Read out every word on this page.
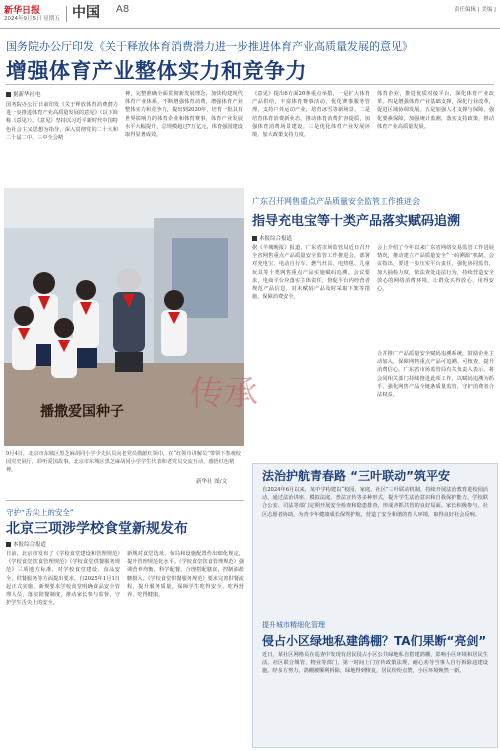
新华日报
2024年9月5日 星期五 中国 A8	责任编辑 | 美编 |
国务院办公厅印发《关于释放体育消费潜力进一步推进体育产业高质量发展的意见》
增强体育产业整体实力和竞争力
据新华社电
国务院办公厅日前印发《关于释放体育消费潜力进一步推进体育产业高质量发展的意见》（以下简称《意见》）。《意见》坚持以习近平新时代中国特色社会主义思想为指导，深入贯彻党的二十大和二十届二中、三中全会精
神，完整准确全面贯彻新发展理念，加快构建现代体育产业体系，不断增强体育消费，增强体育产业整体实力和竞争力，提出到2030年，培育一批具有世界影响力的体育企业和体育赛事，体育产业发展水平大幅提升，总规模超过7万亿元，体育强国建设取得显著成效。
《意见》提出6方面20条重点举措。一是扩大体育产品供给，丰富体育赛事活动，优化赛事服务管理，支持户外运动产业，培育冰雪等新场景。二是培育体育消费新业态，推动体育消费扩容提质，加强体育消费场景建设。三是优化体育产业发展环境，加大政策支持力度。
体育企业，推进优质对接平台，深化体育产业改革。四是增强体育产业基础支撑，深化行业改革，促进区域协调发展。五是加强人才支撑与保障，强化要素保障，加强统计监测，落实支持政策，推动体育产业高质量发展。
传承
播撒爱国种子
9月4日，北京市东城区黑芝麻胡同小学少先队员向老党员敬献红领巾，在“红领巾讲解员”带领下参观校园党史展厅，聆听爱国故事。北京市东城区黑芝麻胡同小学学生代表和老党员交流互动，感悟红色精神。
新华社 图/文
广东召开网售重点产品质量安全监管工作推进会
指导充电宝等十类产品落实赋码追溯
本报综合报道
据《羊城晚报》报道，广东省市场监管局近日召开全省网售重点产品质量安全监管工作推进会，部署对充电宝、电动自行车、燃气灶具、电热毯、儿童玩具等十类网售重点产品实施赋码追溯。会议要求，电商平台应落实主体责任，督促平台内经营者规范产品信息，对未赋码产品及时采取下架等措施，保障消费安全。
会上介绍了今年以来广东省网络交易监管工作进展情况，推动建立产品质量安全“一码溯源”机制。会议指出，要进一步压实平台责任，强化协同监管，加大抽检力度，依法查处违法行为，持续营造安全放心的网络消费环境，让群众买得放心、用得安心。
合并推广产品质量安全赋码追溯系统，鼓励企业主动加入，保障网售重点产品可追溯、可核查，提升消费信心。广东省市场监管局有关负责人表示，将会同相关部门持续推进此项工作，以赋码追溯为抓手，强化网售产品全链条质量监管，守护消费者合法权益。
守护“舌尖上的安全”
北京三项涉学校食堂新规发布
本报综合报道
日前，北京市发布了《学校食堂建设和管理规范》《学校食堂饮食管理规范》《学校食堂供餐服务规范》三项地方标准，对学校食堂建设、食品安全、供餐服务等方面提出要求，自2025年1月1日起正式实施。新规要求学校食堂明确食品安全管理人员，落实陪餐制度，推动家长参与监督，守护学生舌尖上的安全。
新规对食堂选址、布局和设施配置作出细化规定，提升管理规范化水平。《学校食堂饮食管理规范》强调营养均衡，科学配餐，合理搭配膳食，控制油盐糖摄入。《学校食堂供餐服务规范》要求完善供餐流程，提升服务质量，保障学生吃得安全、吃得营养、吃得健康。
法治护航青春路 “三叶联动”筑平安
自2024年6月以来，某中学构建以“校园、家庭、社区”三叶联动机制，持续开展法治教育进校园活动，通过法治讲座、模拟法庭、普法宣传等多种形式，提升学生法治意识和自我保护能力。学校联合公安、司法等部门定期开展安全检查和隐患排查，形成齐抓共管的良好局面。家长积极参与，社区志愿者协助，为青少年健康成长保驾护航，营造了安全和谐的育人环境，取得良好社会反响。
提升城市精细化管理
侵占小区绿地私建鸽棚？TA们果断“亮剑”
近日，某社区网格员在巡查中发现有居民侵占小区公共绿地私自搭建鸽棚，影响小区环境和居民生活。社区联合城管、物业等部门，第一时间上门宣传政策法规，耐心劝导当事人自行拆除违建设施。经多方努力，鸽棚被顺利拆除，绿地得到恢复，居民纷纷点赞，小区环境焕然一新。
